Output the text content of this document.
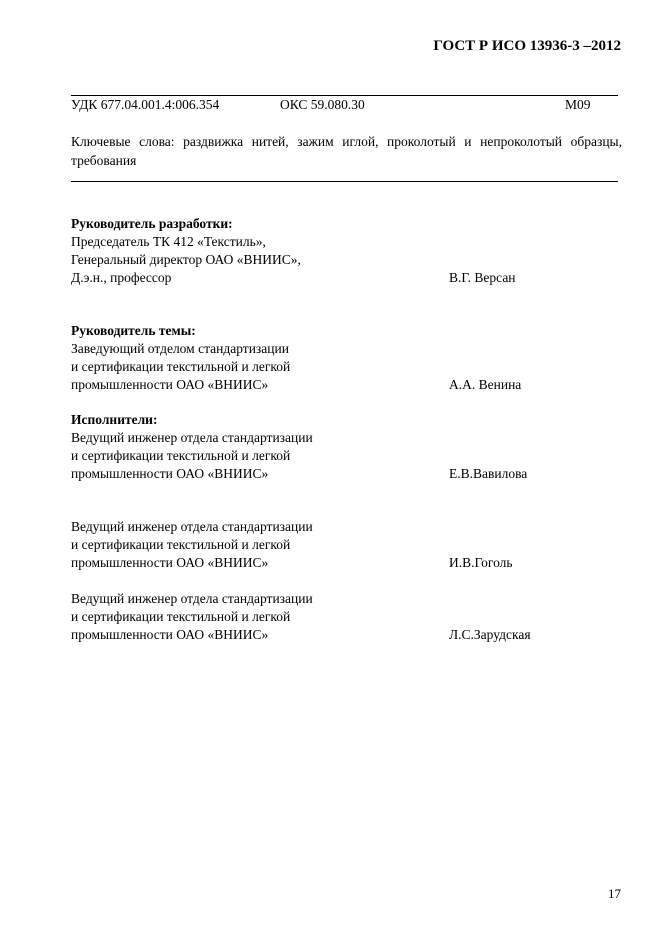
ГОСТ Р ИСО 13936-3 –2012
УДК 677.04.001.4:006.354	ОКС 59.080.30	М09
Ключевые слова: раздвижка нитей, зажим иглой, проколотый и непроколотый образцы, требования
Руководитель разработки:
Председатель ТК 412 «Текстиль»,
Генеральный директор ОАО «ВНИИС»,
Д.э.н., профессор	В.Г. Версан
Руководитель темы:
Заведующий отделом стандартизации
и сертификации текстильной и легкой
промышленности ОАО «ВНИИС»	А.А. Венина
Исполнители:
Ведущий инженер отдела стандартизации
и сертификации текстильной и легкой
промышленности ОАО «ВНИИС»	Е.В.Вавилова
Ведущий инженер отдела стандартизации
и сертификации текстильной и легкой
промышленности ОАО «ВНИИС»	И.В.Гоголь
Ведущий инженер отдела стандартизации
и сертификации текстильной и легкой
промышленности ОАО «ВНИИС»	Л.С.Зарудская
17
